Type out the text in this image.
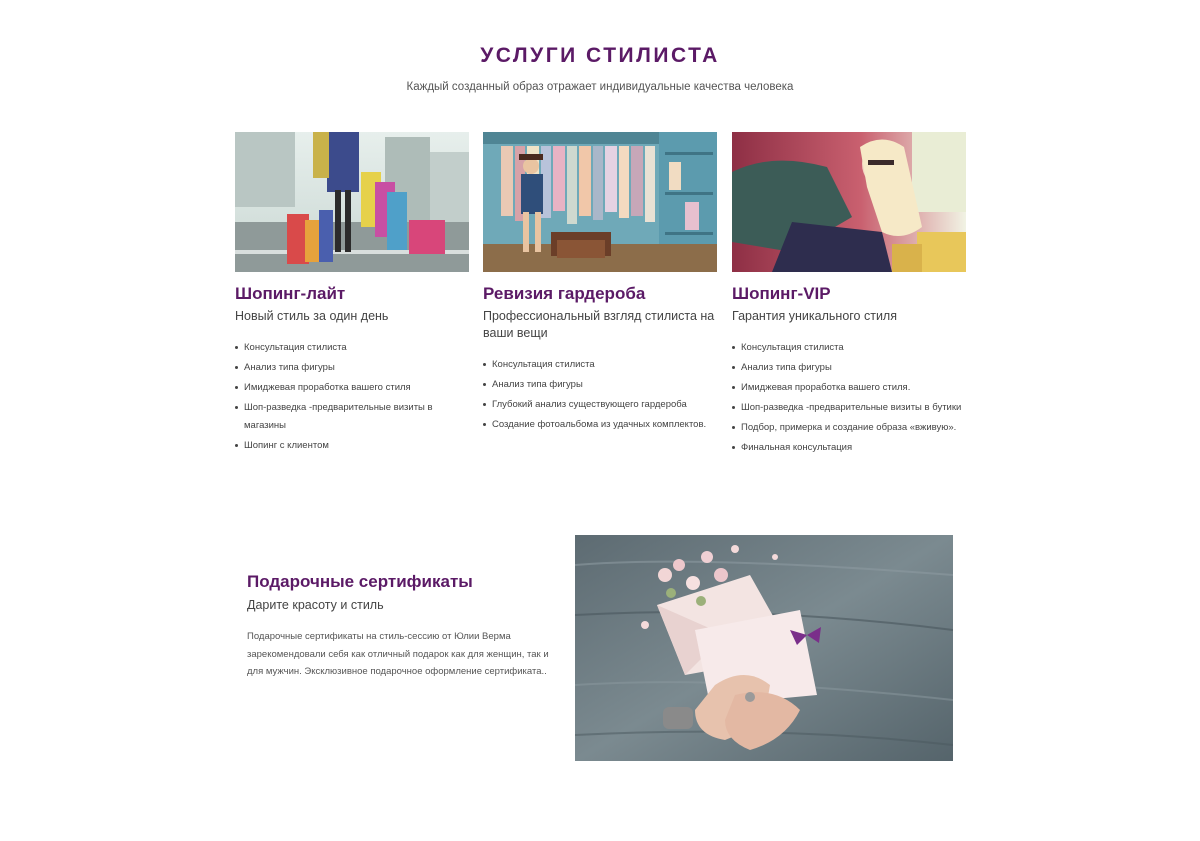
УСЛУГИ СТИЛИСТА
Каждый созданный образ отражает индивидуальные качества человека
Шопинг-лайт
Новый стиль за один день
Консультация стилиста
Анализ типа фигуры
Имиджевая проработка вашего стиля
Шоп-разведка -предварительные визиты в магазины
Шопинг с клиентом
Ревизия гардероба
Профессиональный взгляд стилиста на ваши вещи
Консультация стилиста
Анализ типа фигуры
Глубокий анализ существующего гардероба
Создание фотоальбома из удачных комплектов.
Шопинг-VIP
Гарантия уникального стиля
Консультация стилиста
Анализ типа фигуры
Имиджевая проработка вашего стиля.
Шоп-разведка -предварительные визиты в бутики
Подбор, примерка и создание образа «вживую».
Финальная консультация
Подарочные сертификаты
Дарите красоту и стиль
Подарочные сертификаты на стиль-сессию от Юлии Верма зарекомендовали себя как отличный подарок как для женщин, так и для мужчин. Эксклюзивное подарочное оформление сертификата..
